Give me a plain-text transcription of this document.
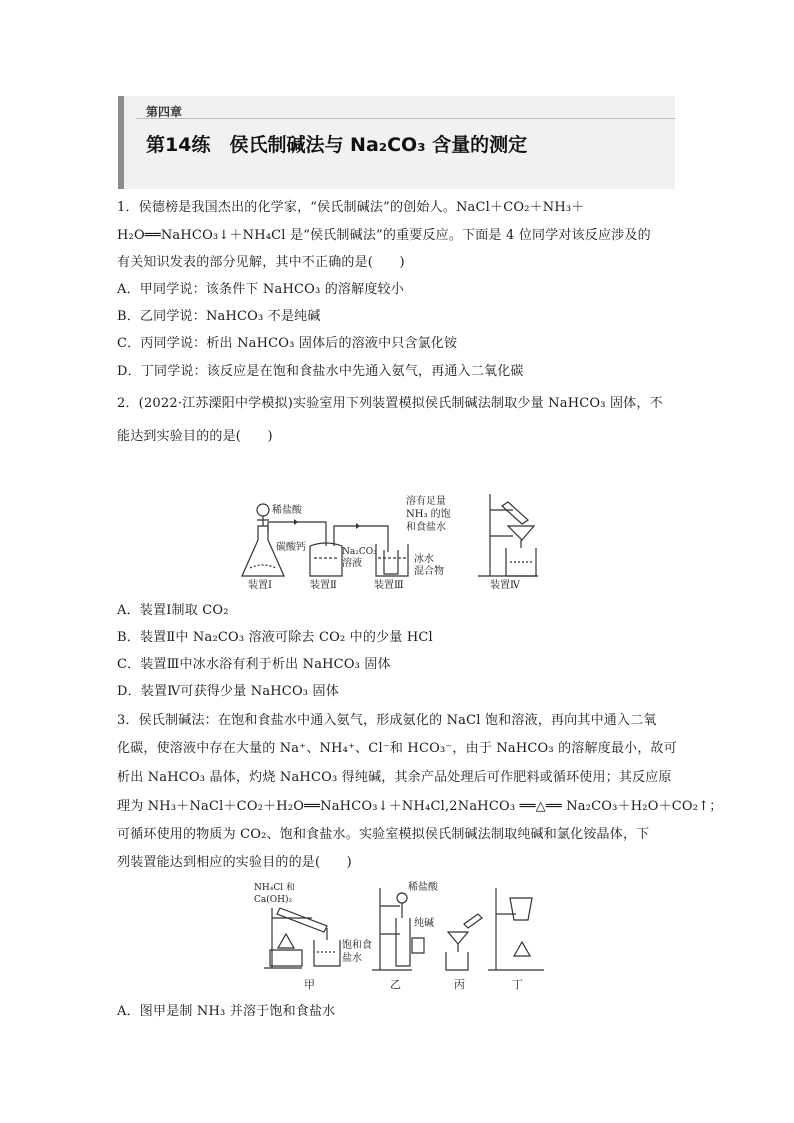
第四章
第14练　侯氏制碱法与 Na₂CO₃ 含量的测定
1．侯德榜是我国杰出的化学家，“侯氏制碱法”的创始人。NaCl＋CO₂＋NH₃＋
H₂O══NaHCO₃↓＋NH₄Cl 是“侯氏制碱法”的重要反应。下面是 4 位同学对该反应涉及的
有关知识发表的部分见解，其中不正确的是(　　)
A．甲同学说：该条件下 NaHCO₃ 的溶解度较小
B．乙同学说：NaHCO₃ 不是纯碱
C．丙同学说：析出 NaHCO₃ 固体后的溶液中只含氯化铵
D．丁同学说：该反应是在饱和食盐水中先通入氨气，再通入二氧化碳
2．(2022·江苏溧阳中学模拟)实验室用下列装置模拟侯氏制碱法制取少量 NaHCO₃ 固体，不
能达到实验目的的是(　　)
稀盐酸
碳酸钙	Na₂CO₃
溶液
溶有足量
NH₃ 的饱
和食盐水
冰水
混合物
装置Ⅰ	装置Ⅱ	装置Ⅲ	装置Ⅳ
A．装置Ⅰ制取 CO₂
B．装置Ⅱ中 Na₂CO₃ 溶液可除去 CO₂ 中的少量 HCl
C．装置Ⅲ中冰水浴有利于析出 NaHCO₃ 固体
D．装置Ⅳ可获得少量 NaHCO₃ 固体
3．侯氏制碱法：在饱和食盐水中通入氨气，形成氨化的 NaCl 饱和溶液，再向其中通入二氧
化碳，使溶液中存在大量的 Na⁺、NH₄⁺、Cl⁻和 HCO₃⁻，由于 NaHCO₃ 的溶解度最小，故可
析出 NaHCO₃ 晶体，灼烧 NaHCO₃ 得纯碱，其余产品处理后可作肥料或循环使用；其反应原
理为 NH₃＋NaCl＋CO₂＋H₂O══NaHCO₃↓＋NH₄Cl,2NaHCO₃ ══△══ Na₂CO₃＋H₂O＋CO₂↑；
可循环使用的物质为 CO₂、饱和食盐水。实验室模拟侯氏制碱法制取纯碱和氯化铵晶体，下
列装置能达到相应的实验目的的是(　　)
NH₄Cl 和
Ca(OH)₂
饱和食
盐水
稀盐酸
纯碱
甲	乙	丙	丁
A．图甲是制 NH₃ 并溶于饱和食盐水
